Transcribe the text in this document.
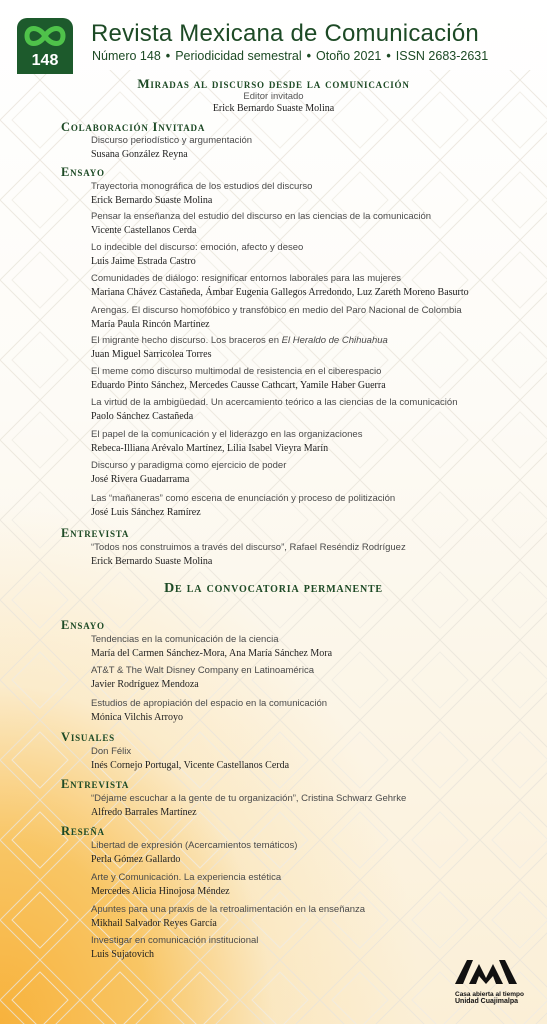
148
Revista Mexicana de Comunicación
Número 148 • Periodicidad semestral • Otoño 2021 • ISSN 2683-2631
Miradas al discurso desde la comunicación
Editor invitado
Erick Bernardo Suaste Molina
Colaboración Invitada
Discurso periodístico y argumentación
Susana González Reyna
Ensayo
Trayectoria monográfica de los estudios del discurso
Erick Bernardo Suaste Molina
Pensar la enseñanza del estudio del discurso en las ciencias de la comunicación
Vicente Castellanos Cerda
Lo indecible del discurso: emoción, afecto y deseo
Luis Jaime Estrada Castro
Comunidades de diálogo: resignificar entornos laborales para las mujeres
Mariana Chávez Castañeda, Ámbar Eugenia Gallegos Arredondo, Luz Zareth Moreno Basurto
Arengas. El discurso homofóbico y transfóbico en medio del Paro Nacional de Colombia
María Paula Rincón Martínez
El migrante hecho discurso. Los braceros en El Heraldo de Chihuahua
Juan Miguel Sarricolea Torres
El meme como discurso multimodal de resistencia en el ciberespacio
Eduardo Pinto Sánchez, Mercedes Causse Cathcart, Yamile Haber Guerra
La virtud de la ambigüedad. Un acercamiento teórico a las ciencias de la comunicación
Paolo Sánchez Castañeda
El papel de la comunicación y el liderazgo en las organizaciones
Rebeca-Illiana Arévalo Martínez, Lilia Isabel Vieyra Marín
Discurso y paradigma como ejercicio de poder
José Rivera Guadarrama
Las “mañaneras” como escena de enunciación y proceso de politización
José Luis Sánchez Ramírez
Entrevista
“Todos nos construimos a través del discurso”, Rafael Reséndiz Rodríguez
Erick Bernardo Suaste Molina
De la convocatoria permanente
Ensayo
Tendencias en la comunicación de la ciencia
María del Carmen Sánchez-Mora, Ana María Sánchez Mora
AT&T & The Walt Disney Company en Latinoamérica
Javier Rodríguez Mendoza
Estudios de apropiación del espacio en la comunicación
Mónica Vilchis Arroyo
Visuales
Don Félix
Inés Cornejo Portugal, Vicente Castellanos Cerda
Entrevista
“Déjame escuchar a la gente de tu organización”, Cristina Schwarz Gehrke
Alfredo Barrales Martínez
Reseña
Libertad de expresión (Acercamientos temáticos)
Perla Gómez Gallardo
Arte y Comunicación. La experiencia estética
Mercedes Alicia Hinojosa Méndez
Apuntes para una praxis de la retroalimentación en la enseñanza
Mikhail Salvador Reyes García
Investigar en comunicación institucional
Luis Sujatovich
Casa abierta al tiempo
Unidad Cuajimalpa
